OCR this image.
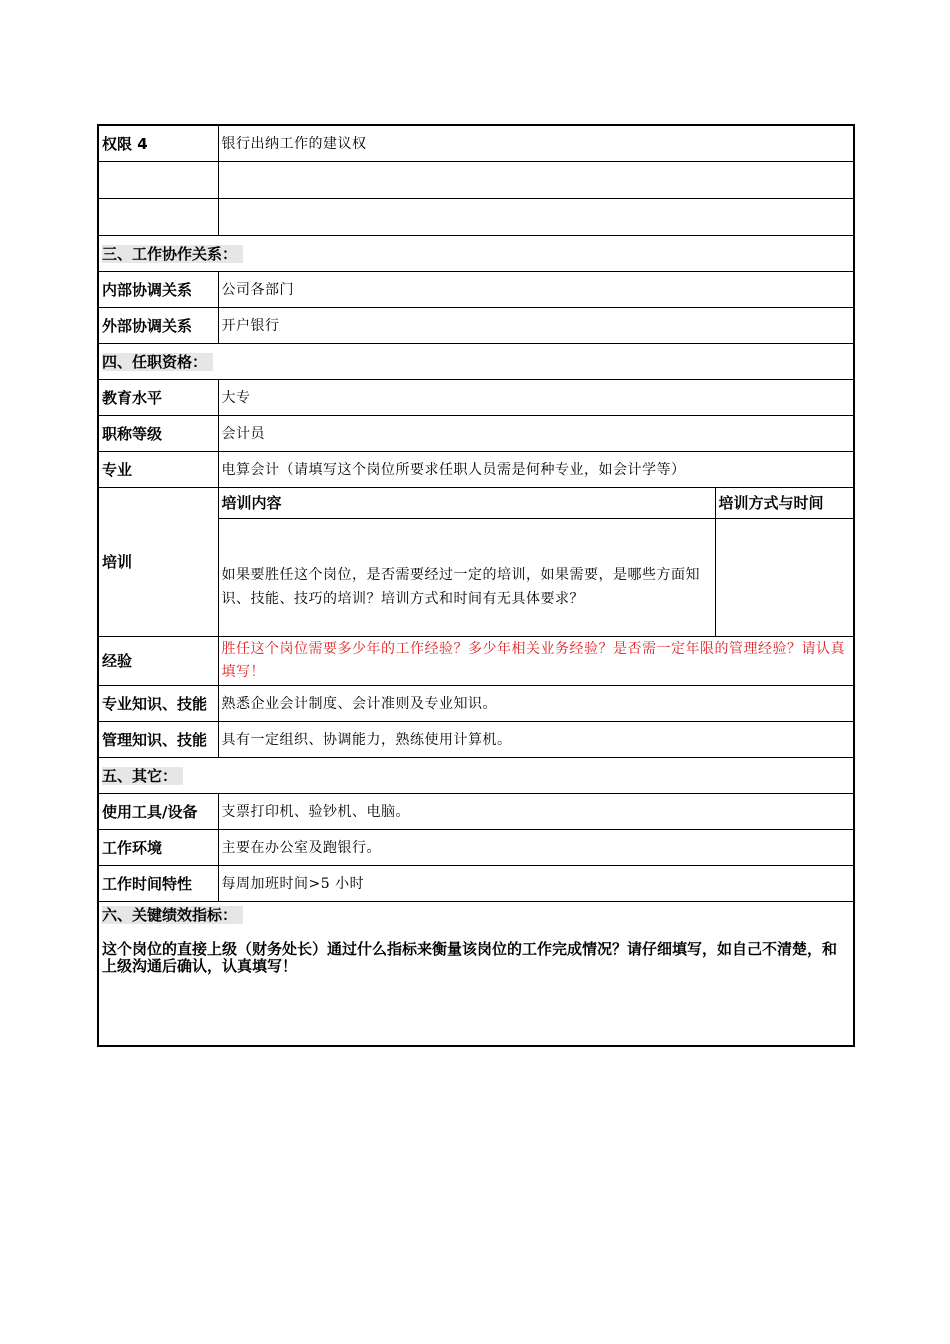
权限 4	银行出纳工作的建议权	

三、工作协作关系：		
内部协调关系	公司各部门	
外部协调关系	开户银行	
四、任职资格：		
教育水平	大专	
职称等级	会计员	
专业	电算会计（请填写这个岗位所要求任职人员需是何种专业，如会计学等）	
培训	培训内容	培训方式与时间
	如果要胜任这个岗位，是否需要经过一定的培训，如果需要，是哪些方面知识、技能、技巧的培训？培训方式和时间有无具体要求？	
经验	胜任这个岗位需要多少年的工作经验？多少年相关业务经验？是否需一定年限的管理经验？请认真填写！	
专业知识、技能	熟悉企业会计制度、会计准则及专业知识。	
管理知识、技能	具有一定组织、协调能力，熟练使用计算机。	
五、其它：		
使用工具/设备	支票打印机、验钞机、电脑。	
工作环境	主要在办公室及跑银行。	
工作时间特性	每周加班时间>5 小时	

六、关键绩效指标：
这个岗位的直接上级（财务处长）通过什么指标来衡量该岗位的工作完成情况？请仔细填写，如自己不清楚，和上级沟通后确认，认真填写！		
